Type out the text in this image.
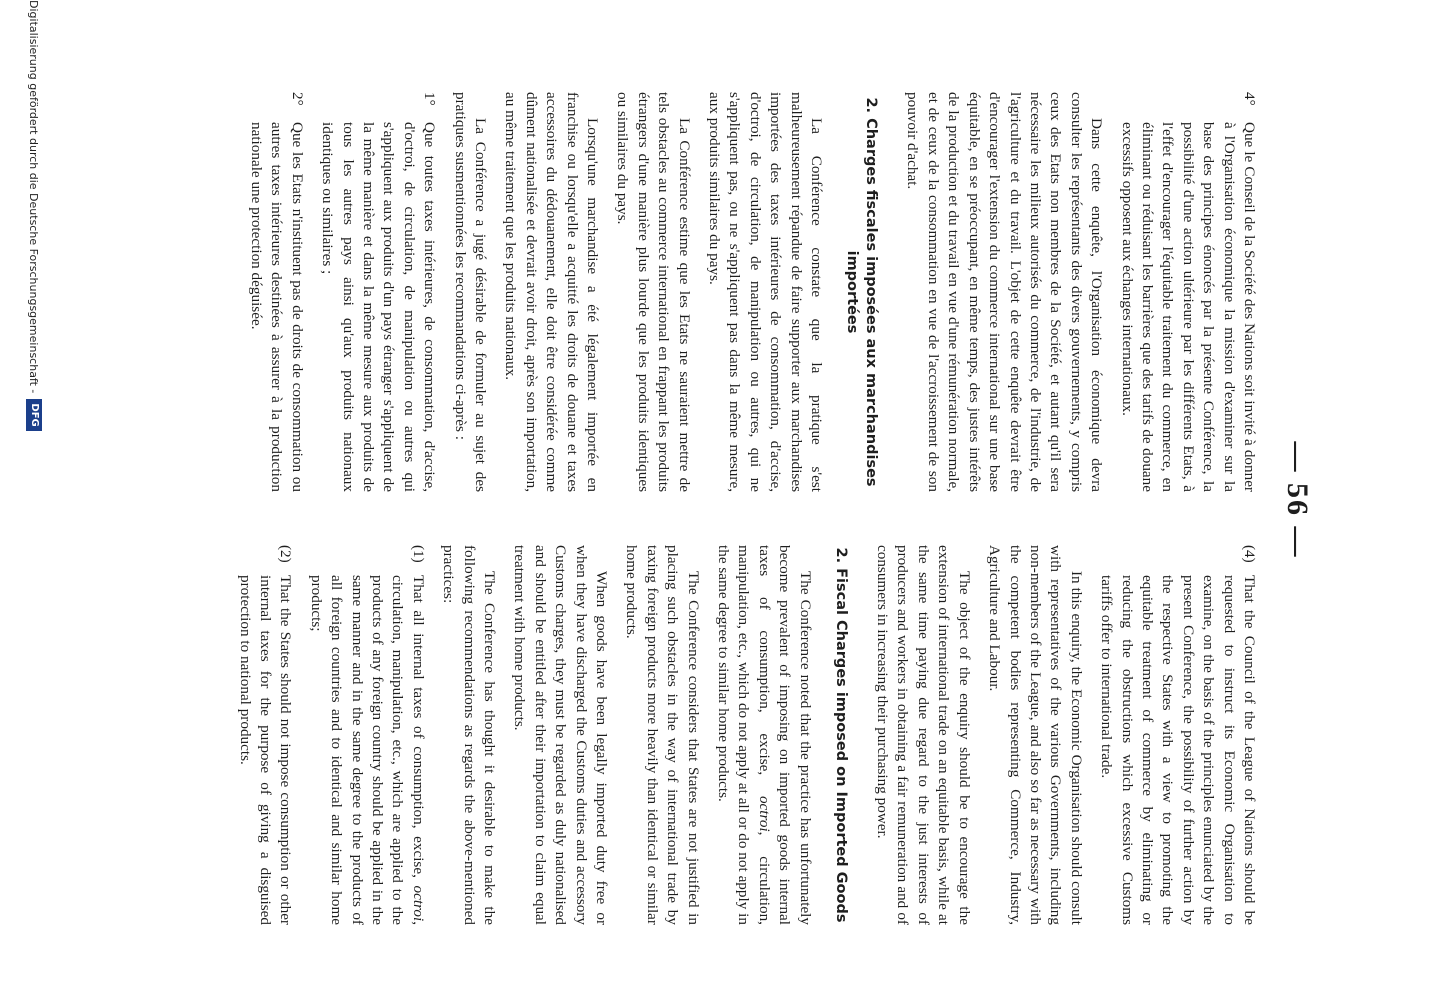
— 56 —

4°
Que le Conseil de la Société des Nations soit invité à donner à l'Organisation économique la mission d'examiner sur la base des principes énoncés par la présente Conférence, la possibilité d'une action ultérieure par les différents Etats, à l'effet d'encourager l'équitable traitement du commerce, en éliminant ou réduisant les barrières que des tarifs de douane excessifs opposent aux échanges internationaux.

Dans cette enquête, l'Organisation économique devra consulter les représentants des divers gouvernements, y compris ceux des Etats non membres de la Société, et autant qu'il sera nécessaire les milieux autorisés du commerce, de l'industrie, de l'agriculture et du travail. L'objet de cette enquête devrait être d'encourager l'extension du commerce international sur une base équitable, en se préoccupant, en même temps, des justes intérêts de la production et du travail en vue d'une rémunération normale, et de ceux de la consommation en vue de l'accroissement de son pouvoir d'achat.

2. Charges fiscales imposées aux marchandises importées

La Conférence constate que la pratique s'est malheureusement répandue de faire supporter aux marchandises importées des taxes intérieures de consommation, d'accise, d'octroi, de circulation, de manipulation ou autres, qui ne s'appliquent pas, ou ne s'appliquent pas dans la même mesure, aux produits similaires du pays.

La Conférence estime que les Etats ne sauraient mettre de tels obstacles au commerce international en frappant les produits étrangers d'une manière plus lourde que les produits identiques ou similaires du pays.

Lorsqu'une marchandise a été légalement importée en franchise ou lorsqu'elle a acquitté les droits de douane et taxes accessoires du dédouanement, elle doit être considérée comme dûment nationalisée et devrait avoir droit, après son importation, au même traitement que les produits nationaux.

La Conférence a jugé désirable de formuler au sujet des pratiques susmentionnées les recommandations ci-après :

1°
Que toutes taxes intérieures, de consommation, d'accise, d'octroi, de circulation, de manipulation ou autres qui s'appliquent aux produits d'un pays étranger s'appliquent de la même manière et dans la même mesure aux produits de tous les autres pays ainsi qu'aux produits nationaux identiques ou similaires ;

2°
Que les Etats n'instituent pas de droits de consommation ou autres taxes intérieures destinées à assurer à la production nationale une protection déguisée.

(4)
That the Council of the League of Nations should be requested to instruct its Economic Organisation to examine, on the basis of the principles enunciated by the present Conference, the possibility of further action by the respective States with a view to promoting the equitable treatment of commerce by eliminating or reducing the obstructions which excessive Customs tariffs offer to international trade.

In this enquiry, the Economic Organisation should consult with representatives of the various Governments, including non-members of the League, and also so far as necessary with the competent bodies representing Commerce, Industry, Agriculture and Labour.

The object of the enquiry should be to encourage the extension of international trade on an equitable basis, while at the same time paying due regard to the just interests of producers and workers in obtaining a fair remuneration and of consumers in increasing their purchasing power.

2. Fiscal Charges imposed on Imported Goods

The Conference noted that the practice has unfortunately become prevalent of imposing on imported goods internal taxes of consumption, excise, octroi, circulation, manipulation, etc., which do not apply at all or do not apply in the same degree to similar home products.

The Conference considers that States are not justified in placing such obstacles in the way of international trade by taxing foreign products more heavily than identical or similar home products.

When goods have been legally imported duty free or when they have discharged the Customs duties and accessory Customs charges, they must be regarded as duly nationalised and should be entitled after their importation to claim equal treatment with home products.

The Conference has thought it desirable to make the following recommendations as regards the above-mentioned practices:

(1)
That all internal taxes of consumption, excise, octroi, circulation, manipulation, etc., which are applied to the products of any foreign country should be applied in the same manner and in the same degree to the products of all foreign countries and to identical and similar home products;

(2)
That the States should not impose consumption or other internal taxes for the purpose of giving a disguised protection to national products.

Digitalisierung gefördert durch die Deutsche Forschungsgemeinschaft -
DFG
